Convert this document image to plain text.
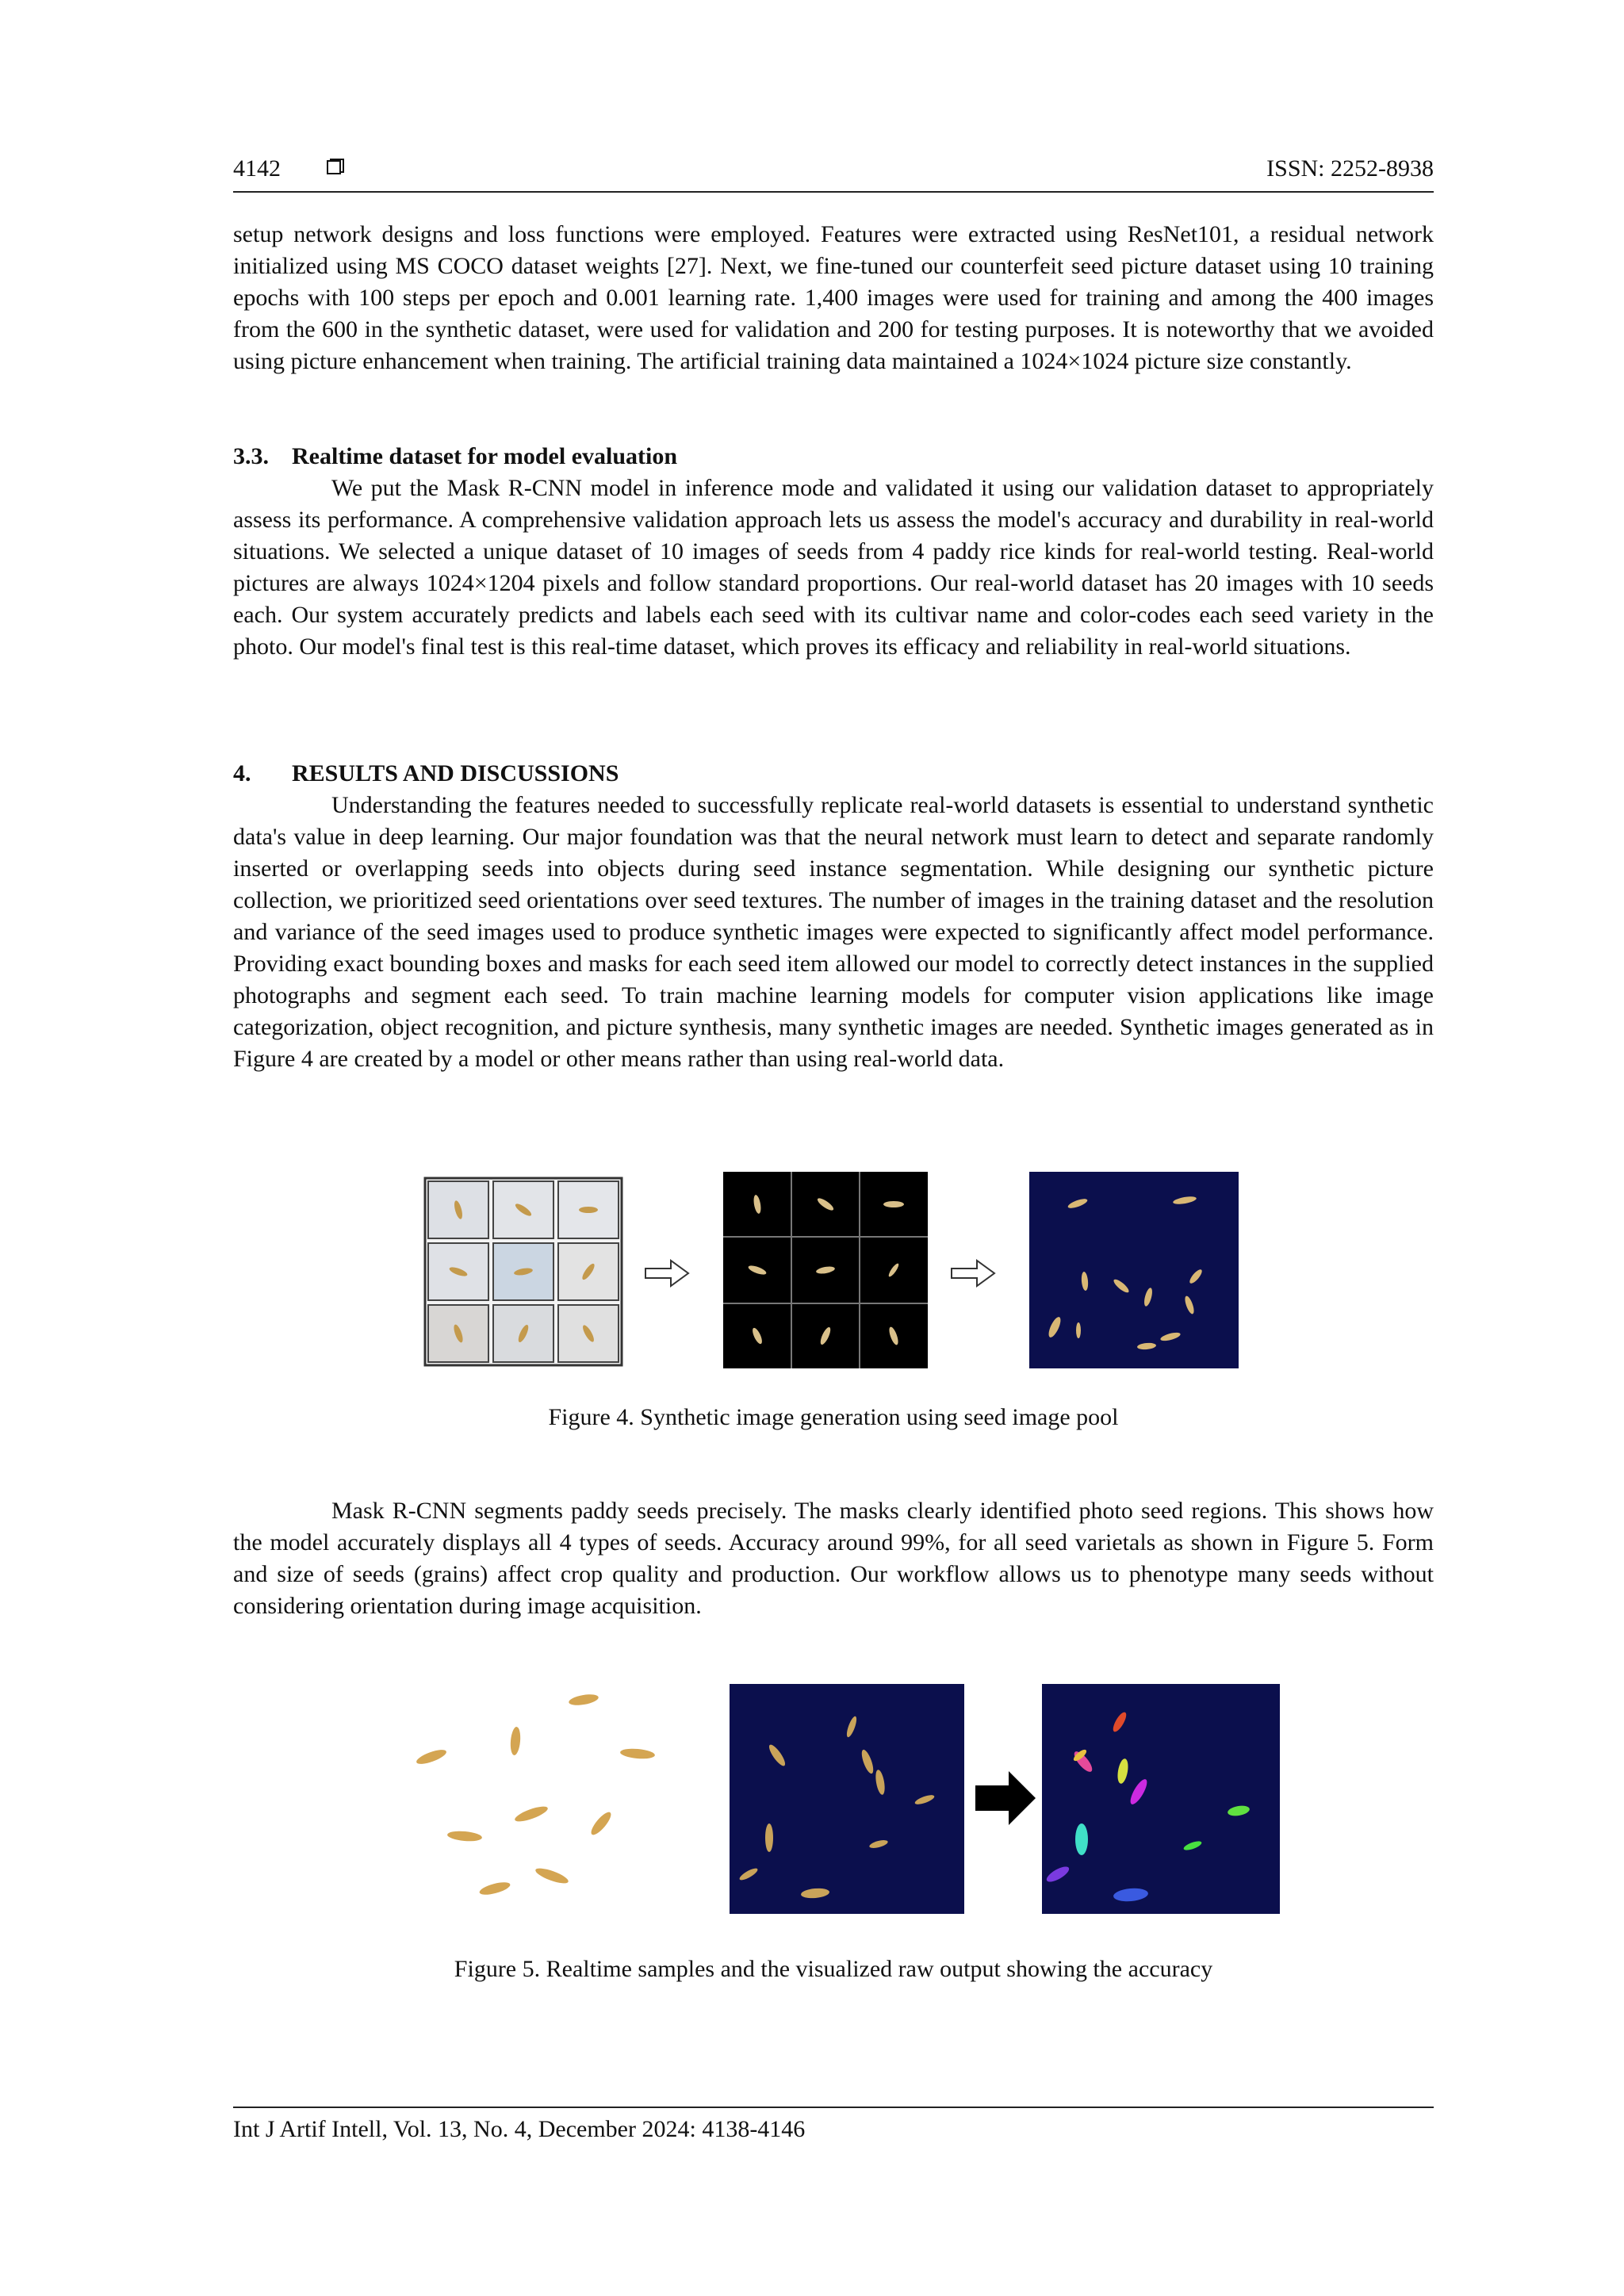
4142	ISSN: 2252-8938

setup network designs and loss functions were employed. Features were extracted using ResNet101, a residual network initialized using MS COCO dataset weights [27]. Next, we fine-tuned our counterfeit seed picture dataset using 10 training epochs with 100 steps per epoch and 0.001 learning rate. 1,400 images were used for training and among the 400 images from the 600 in the synthetic dataset, were used for validation and 200 for testing purposes. It is noteworthy that we avoided using picture enhancement when training. The artificial training data maintained a 1024×1024 picture size constantly.

3.3. Realtime dataset for model evaluation

We put the Mask R-CNN model in inference mode and validated it using our validation dataset to appropriately assess its performance. A comprehensive validation approach lets us assess the model's accuracy and durability in real-world situations. We selected a unique dataset of 10 images of seeds from 4 paddy rice kinds for real-world testing. Real-world pictures are always 1024×1204 pixels and follow standard proportions. Our real-world dataset has 20 images with 10 seeds each. Our system accurately predicts and labels each seed with its cultivar name and color-codes each seed variety in the photo. Our model's final test is this real-time dataset, which proves its efficacy and reliability in real-world situations.

4. RESULTS AND DISCUSSIONS

Understanding the features needed to successfully replicate real-world datasets is essential to understand synthetic data's value in deep learning. Our major foundation was that the neural network must learn to detect and separate randomly inserted or overlapping seeds into objects during seed instance segmentation. While designing our synthetic picture collection, we prioritized seed orientations over seed textures. The number of images in the training dataset and the resolution and variance of the seed images used to produce synthetic images were expected to significantly affect model performance. Providing exact bounding boxes and masks for each seed item allowed our model to correctly detect instances in the supplied photographs and segment each seed. To train machine learning models for computer vision applications like image categorization, object recognition, and picture synthesis, many synthetic images are needed. Synthetic images generated as in Figure 4 are created by a model or other means rather than using real-world data.

Figure 4. Synthetic image generation using seed image pool

Mask R-CNN segments paddy seeds precisely. The masks clearly identified photo seed regions. This shows how the model accurately displays all 4 types of seeds. Accuracy around 99%, for all seed varietals as shown in Figure 5. Form and size of seeds (grains) affect crop quality and production. Our workflow allows us to phenotype many seeds without considering orientation during image acquisition.

Figure 5. Realtime samples and the visualized raw output showing the accuracy
Int J Artif Intell, Vol. 13, No. 4, December 2024: 4138-4146
